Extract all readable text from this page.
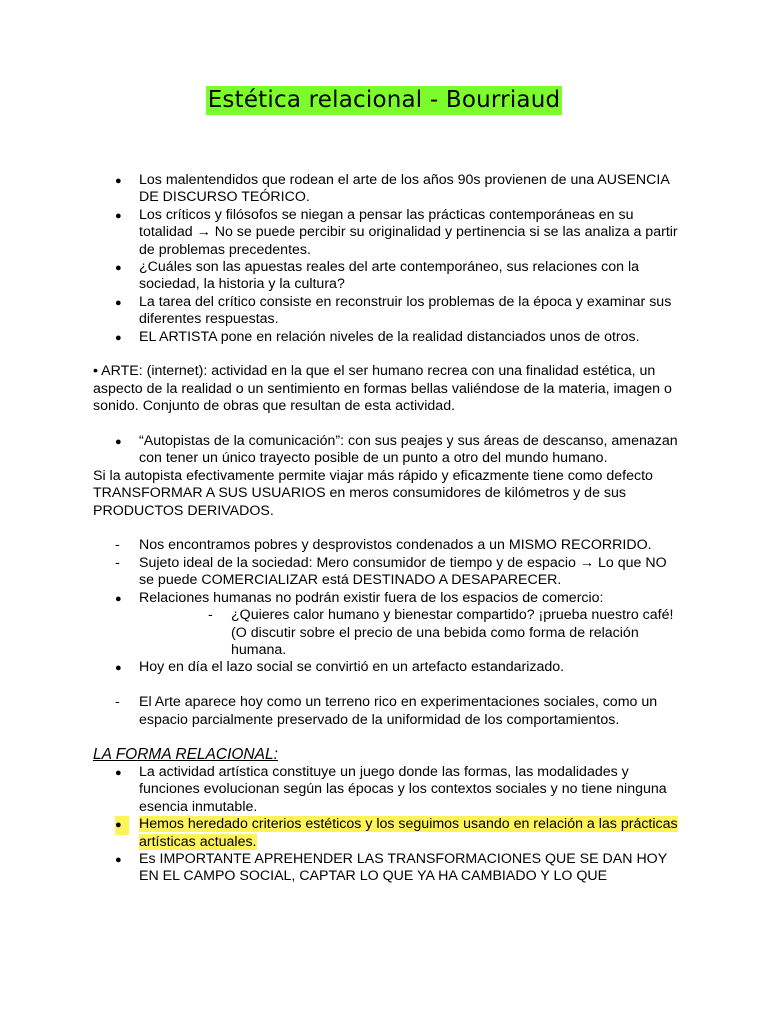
Estética relacional - Bourriaud
●
Los malentendidos que rodean el arte de los años 90s provienen de una AUSENCIA DE DISCURSO TEÓRICO.
●
Los críticos y filósofos se niegan a pensar las prácticas contemporáneas en su totalidad → No se puede percibir su originalidad y pertinencia si se las analiza a partir de problemas precedentes.
●
¿Cuáles son las apuestas reales del arte contemporáneo, sus relaciones con la sociedad, la historia y la cultura?
●
La tarea del crítico consiste en reconstruir los problemas de la época y examinar sus diferentes respuestas.
●
EL ARTISTA pone en relación niveles de la realidad distanciados unos de otros.
• ARTE: (internet): actividad en la que el ser humano recrea con una finalidad estética, un aspecto de la realidad o un sentimiento en formas bellas valiéndose de la materia, imagen o sonido. Conjunto de obras que resultan de esta actividad.
●
“Autopistas de la comunicación”: con sus peajes y sus áreas de descanso, amenazan con tener un único trayecto posible de un punto a otro del mundo humano.
Si la autopista efectivamente permite viajar más rápido y eficazmente tiene como defecto TRANSFORMAR A SUS USUARIOS en meros consumidores de kilómetros y de sus PRODUCTOS DERIVADOS.
-
Nos encontramos pobres y desprovistos condenados a un MISMO RECORRIDO.
-
Sujeto ideal de la sociedad: Mero consumidor de tiempo y de espacio → Lo que NO se puede COMERCIALIZAR está DESTINADO A DESAPARECER.
●
Relaciones humanas no podrán existir fuera de los espacios de comercio:
-
¿Quieres calor humano y bienestar compartido? ¡prueba nuestro café! (O discutir sobre el precio de una bebida como forma de relación humana.
●
Hoy en día el lazo social se convirtió en un artefacto estandarizado.
-
El Arte aparece hoy como un terreno rico en experimentaciones sociales, como un espacio parcialmente preservado de la uniformidad de los comportamientos.
LA FORMA RELACIONAL:
●
La actividad artística constituye un juego donde las formas, las modalidades y funciones evolucionan según las épocas y los contextos sociales y no tiene ninguna esencia inmutable.
●
Hemos heredado criterios estéticos y los seguimos usando en relación a las prácticas artísticas actuales.
●
Es IMPORTANTE APREHENDER LAS TRANSFORMACIONES QUE SE DAN HOY EN EL CAMPO SOCIAL, CAPTAR LO QUE YA HA CAMBIADO Y LO QUE
